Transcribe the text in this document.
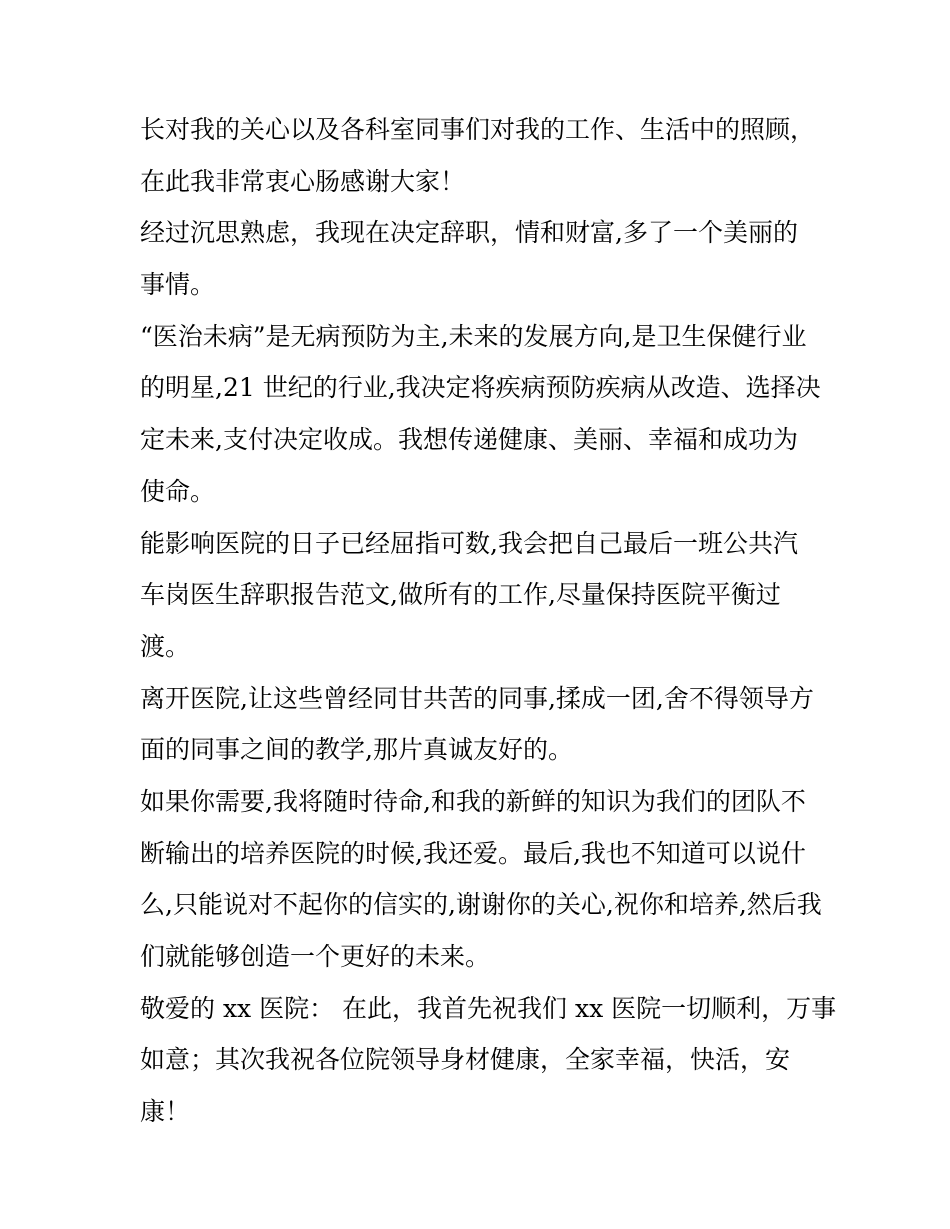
长对我的关心以及各科室同事们对我的工作、生活中的照顾，
在此我非常衷心肠感谢大家！
经过沉思熟虑，我现在决定辞职，情和财富,多了一个美丽的
事情。
“医治未病”是无病预防为主,未来的发展方向,是卫生保健行业
的明星,21 世纪的行业,我决定将疾病预防疾病从改造、选择决
定未来,支付决定收成。我想传递健康、美丽、幸福和成功为
使命。
能影响医院的日子已经屈指可数,我会把自己最后一班公共汽
车岗医生辞职报告范文,做所有的工作,尽量保持医院平衡过
渡。
离开医院,让这些曾经同甘共苦的同事,揉成一团,舍不得领导方
面的同事之间的教学,那片真诚友好的。
如果你需要,我将随时待命,和我的新鲜的知识为我们的团队不
断输出的培养医院的时候,我还爱。最后,我也不知道可以说什
么,只能说对不起你的信实的,谢谢你的关心,祝你和培养,然后我
们就能够创造一个更好的未来。
敬爱的 xx 医院： 在此，我首先祝我们 xx 医院一切顺利，万事
如意；其次我祝各位院领导身材健康，全家幸福，快活，安
康！
